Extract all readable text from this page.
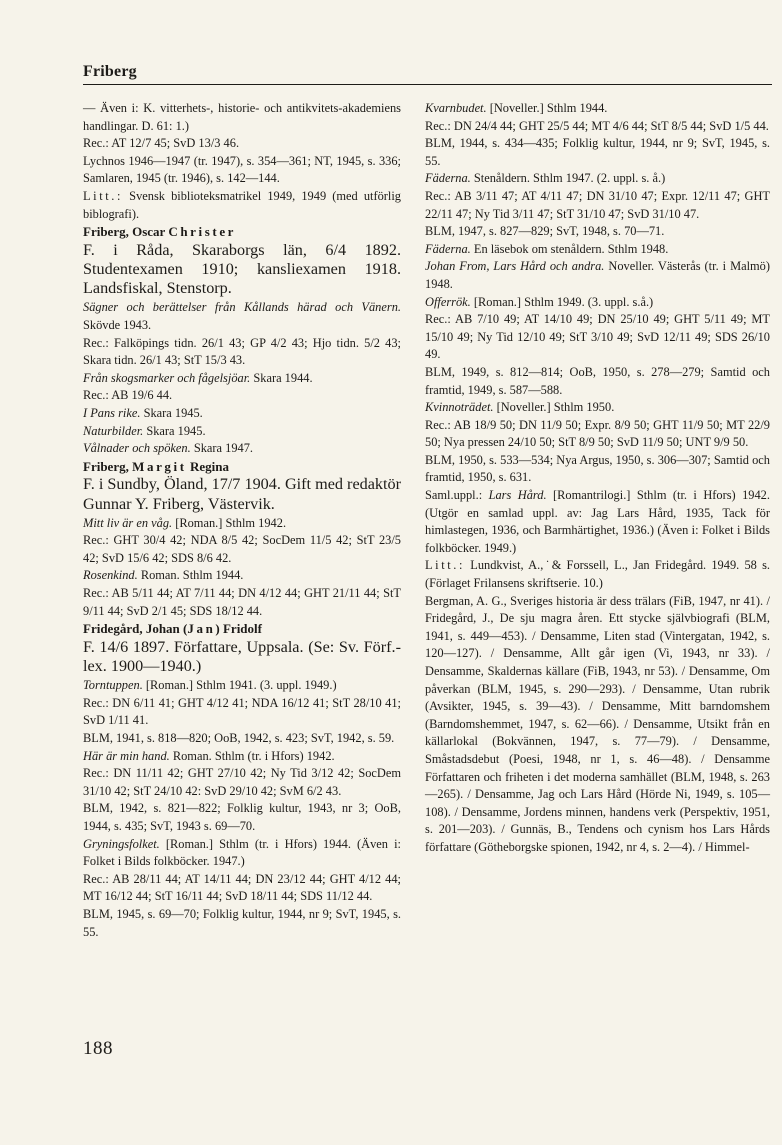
Friberg

— Även i: K. vitterhets-, historie- och antikvitets-akademiens handlingar. D. 61: 1.)

Rec.: AT 12/7 45; SvD 13/3 46.

Lychnos 1946—1947 (tr. 1947), s. 354—361; NT, 1945, s. 336; Samlaren, 1945 (tr. 1946), s. 142—144.

Litt.: Svensk biblioteksmatrikel 1949, 1949 (med utförlig biblografi).

Friberg, Oscar Christer

F. i Råda, Skaraborgs län, 6/4 1892. Studentexamen 1910; kansliexamen 1918. Landsfiskal, Stenstorp.

Sägner och berättelser från Kållands härad och Vänern. Skövde 1943.

Rec.: Falköpings tidn. 26/1 43; GP 4/2 43; Hjo tidn. 5/2 43; Skara tidn. 26/1 43; StT 15/3 43.

Från skogsmarker och fågelsjöar. Skara 1944.

Rec.: AB 19/6 44.

I Pans rike. Skara 1945.

Naturbilder. Skara 1945.

Vålnader och spöken. Skara 1947.

Friberg, Margit Regina

F. i Sundby, Öland, 17/7 1904. Gift med redaktör Gunnar Y. Friberg, Västervik.

Mitt liv är en våg. [Roman.] Sthlm 1942.

Rec.: GHT 30/4 42; NDA 8/5 42; SocDem 11/5 42; StT 23/5 42; SvD 15/6 42; SDS 8/6 42.

Rosenkind. Roman. Sthlm 1944.

Rec.: AB 5/11 44; AT 7/11 44; DN 4/12 44; GHT 21/11 44; StT 9/11 44; SvD 2/1 45; SDS 18/12 44.

Fridegård, Johan (Jan) Fridolf

F. 14/6 1897. Författare, Uppsala. (Se: Sv. Förf.-lex. 1900—1940.)

Torntuppen. [Roman.] Sthlm 1941. (3. uppl. 1949.)

Rec.: DN 6/11 41; GHT 4/12 41; NDA 16/12 41; StT 28/10 41; SvD 1/11 41.

BLM, 1941, s. 818—820; OoB, 1942, s. 423; SvT, 1942, s. 59.

Här är min hand. Roman. Sthlm (tr. i Hfors) 1942.

Rec.: DN 11/11 42; GHT 27/10 42; Ny Tid 3/12 42; SocDem 31/10 42; StT 24/10 42: SvD 29/10 42; SvM 6/2 43.

BLM, 1942, s. 821—822; Folklig kultur, 1943, nr 3; OoB, 1944, s. 435; SvT, 1943 s. 69—70.

Gryningsfolket. [Roman.] Sthlm (tr. i Hfors) 1944. (Även i: Folket i Bilds folkböcker. 1947.)

Rec.: AB 28/11 44; AT 14/11 44; DN 23/12 44; GHT 4/12 44; MT 16/12 44; StT 16/11 44; SvD 18/11 44; SDS 11/12 44.

BLM, 1945, s. 69—70; Folklig kultur, 1944, nr 9; SvT, 1945, s. 55.

Kvarnbudet. [Noveller.] Sthlm 1944.

Rec.: DN 24/4 44; GHT 25/5 44; MT 4/6 44; StT 8/5 44; SvD 1/5 44.

BLM, 1944, s. 434—435; Folklig kultur, 1944, nr 9; SvT, 1945, s. 55.

Fäderna. Stenåldern. Sthlm 1947. (2. uppl. s. å.)

Rec.: AB 3/11 47; AT 4/11 47; DN 31/10 47; Expr. 12/11 47; GHT 22/11 47; Ny Tid 3/11 47; StT 31/10 47; SvD 31/10 47.

BLM, 1947, s. 827—829; SvT, 1948, s. 70—71.

Fäderna. En läsebok om stenåldern. Sthlm 1948.

Johan From, Lars Hård och andra. Noveller. Västerås (tr. i Malmö) 1948.

Offerrök. [Roman.] Sthlm 1949. (3. uppl. s.å.)

Rec.: AB 7/10 49; AT 14/10 49; DN 25/10 49; GHT 5/11 49; MT 15/10 49; Ny Tid 12/10 49; StT 3/10 49; SvD 12/11 49; SDS 26/10 49.

BLM, 1949, s. 812—814; OoB, 1950, s. 278—279; Samtid och framtid, 1949, s. 587—588.

Kvinnoträdet. [Noveller.] Sthlm 1950.

Rec.: AB 18/9 50; DN 11/9 50; Expr. 8/9 50; GHT 11/9 50; MT 22/9 50; Nya pressen 24/10 50; StT 8/9 50; SvD 11/9 50; UNT 9/9 50.

BLM, 1950, s. 533—534; Nya Argus, 1950, s. 306—307; Samtid och framtid, 1950, s. 631.

Saml.uppl.: Lars Hård. [Romantrilogi.] Sthlm (tr. i Hfors) 1942. (Utgör en samlad uppl. av: Jag Lars Hård, 1935, Tack för himlastegen, 1936, och Barmhärtighet, 1936.) (Även i: Folket i Bilds folkböcker. 1949.)

Litt.: Lundkvist, A.,˙& Forssell, L., Jan Fridegård. 1949. 58 s. (Förlaget Frilansens skriftserie. 10.)

Bergman, A. G., Sveriges historia är dess trälars (FiB, 1947, nr 41). / Fridegård, J., De sju magra åren. Ett stycke självbiografi (BLM, 1941, s. 449—453). / Densamme, Liten stad (Vintergatan, 1942, s. 120—127). / Densamme, Allt går igen (Vi, 1943, nr 33). / Densamme, Skaldernas källare (FiB, 1943, nr 53). / Densamme, Om påverkan (BLM, 1945, s. 290—293). / Densamme, Utan rubrik (Avsikter, 1945, s. 39—43). / Densamme, Mitt barndomshem (Barndomshemmet, 1947, s. 62—66). / Densamme, Utsikt från en källarlokal (Bokvännen, 1947, s. 77—79). / Densamme, Småstadsdebut (Poesi, 1948, nr 1, s. 46—48). / Densamme Författaren och friheten i det moderna samhället (BLM, 1948, s. 263—265). / Densamme, Jag och Lars Hård (Hörde Ni, 1949, s. 105—108). / Densamme, Jordens minnen, handens verk (Perspektiv, 1951, s. 201—203). / Gunnäs, B., Tendens och cynism hos Lars Hårds författare (Götheborgske spionen, 1942, nr 4, s. 2—4). / Himmel-

188
